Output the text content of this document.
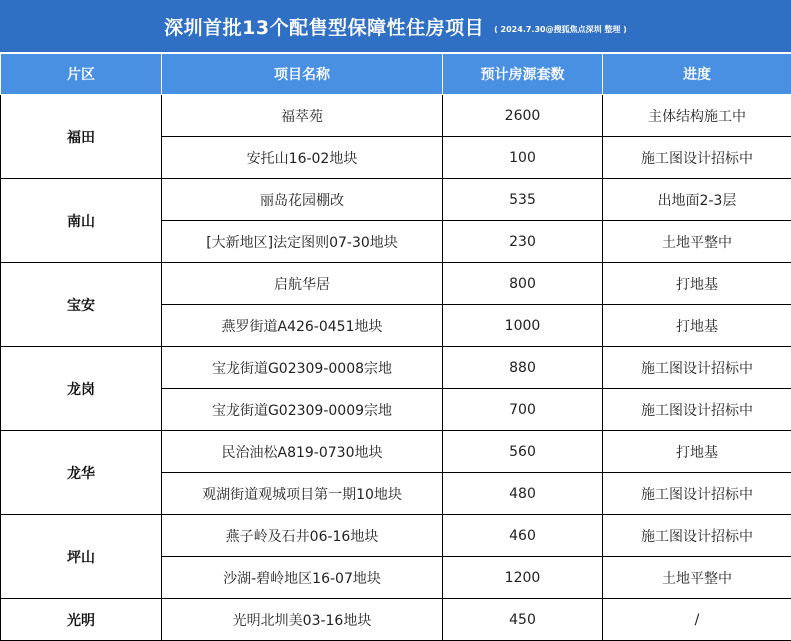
深圳首批13个配售型保障性住房项目 ( 2024.7.30@搜狐焦点深圳 整理 )
片区	项目名称	预计房源套数	进度
福田	福萃苑	2600	主体结构施工中
	安托山16-02地块	100	施工图设计招标中
南山	丽岛花园棚改	535	出地面2-3层
	[大新地区]法定图则07-30地块	230	土地平整中
宝安	启航华居	800	打地基
	燕罗街道A426-0451地块	1000	打地基
龙岗	宝龙街道G02309-0008宗地	880	施工图设计招标中
	宝龙街道G02309-0009宗地	700	施工图设计招标中
龙华	民治油松A819-0730地块	560	打地基
	观湖街道观城项目第一期10地块	480	施工图设计招标中
坪山	燕子岭及石井06-16地块	460	施工图设计招标中
	沙湖-碧岭地区16-07地块	1200	土地平整中
光明	光明北圳美03-16地块	450	/
